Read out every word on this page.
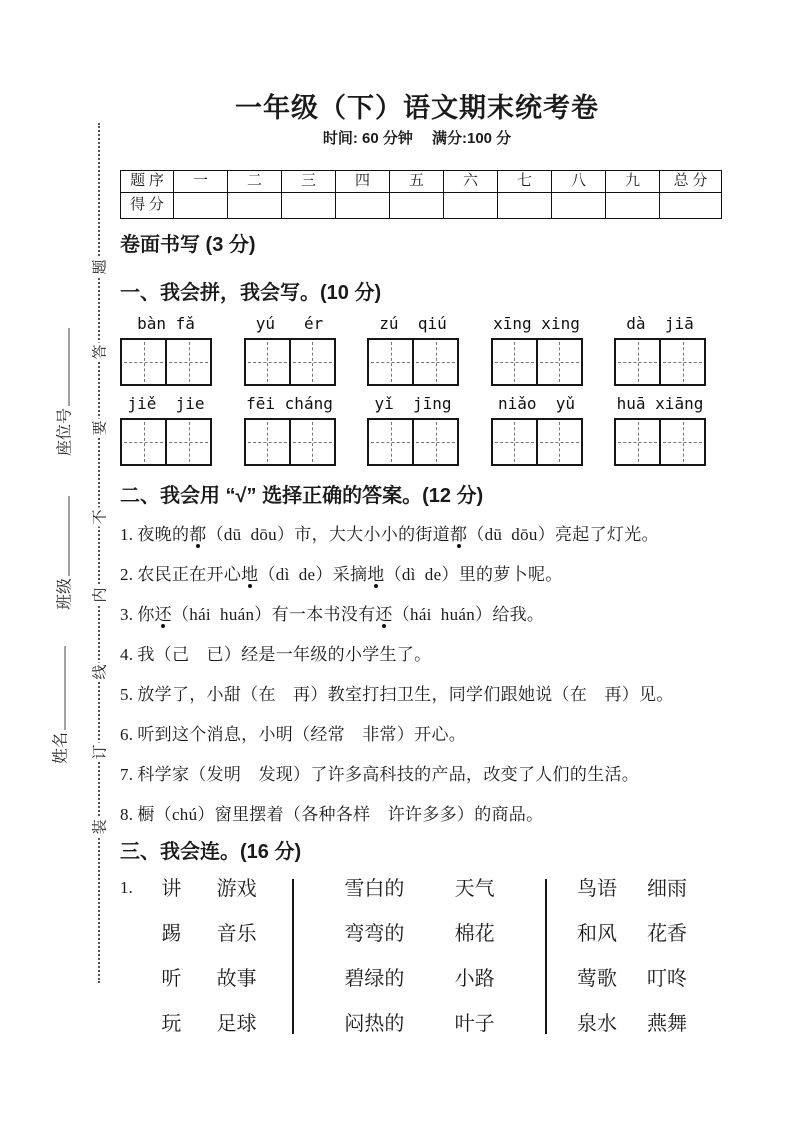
题
答
要
不
内
线
订
装
座位号
班级
姓名
一年级（下）语文期末统考卷
时间: 60 分钟　 满分:100 分
题 序	一	二	三	四	五	六	七	八	九	总 分
得 分										
卷面书写 (3 分)
一、我会拼，我会写。(10 分)
bàn fǎ	yú   ér	zú  qiú	xīng xing	dà  jiā
jiě  jie	fēi cháng	yǐ  jīng	niǎo  yǔ	huā xiāng
二、我会用 “√” 选择正确的答案。(12 分)
1. 夜晚的都（dū  dōu）市，大大小小的街道都（dū  dōu）亮起了灯光。
2. 农民正在开心地（dì  de）采摘地（dì  de）里的萝卜呢。
3. 你还（hái  huán）有一本书没有还（hái  huán）给我。
4. 我（己　已）经是一年级的小学生了。
5. 放学了，小甜（在　再）教室打扫卫生，同学们跟她说（在　再）见。
6. 听到这个消息，小明（经常　非常）开心。
7. 科学家（发明　发现）了许多高科技的产品，改变了人们的生活。
8. 橱（chú）窗里摆着（各种各样　许许多多）的商品。
三、我会连。(16 分)
1. 讲 游戏
踢 音乐
听 故事
玩 足球
雪白的	天气
弯弯的	棉花
碧绿的	小路
闷热的	叶子
鸟语 细雨
和风 花香
莺歌 叮咚
泉水 燕舞
